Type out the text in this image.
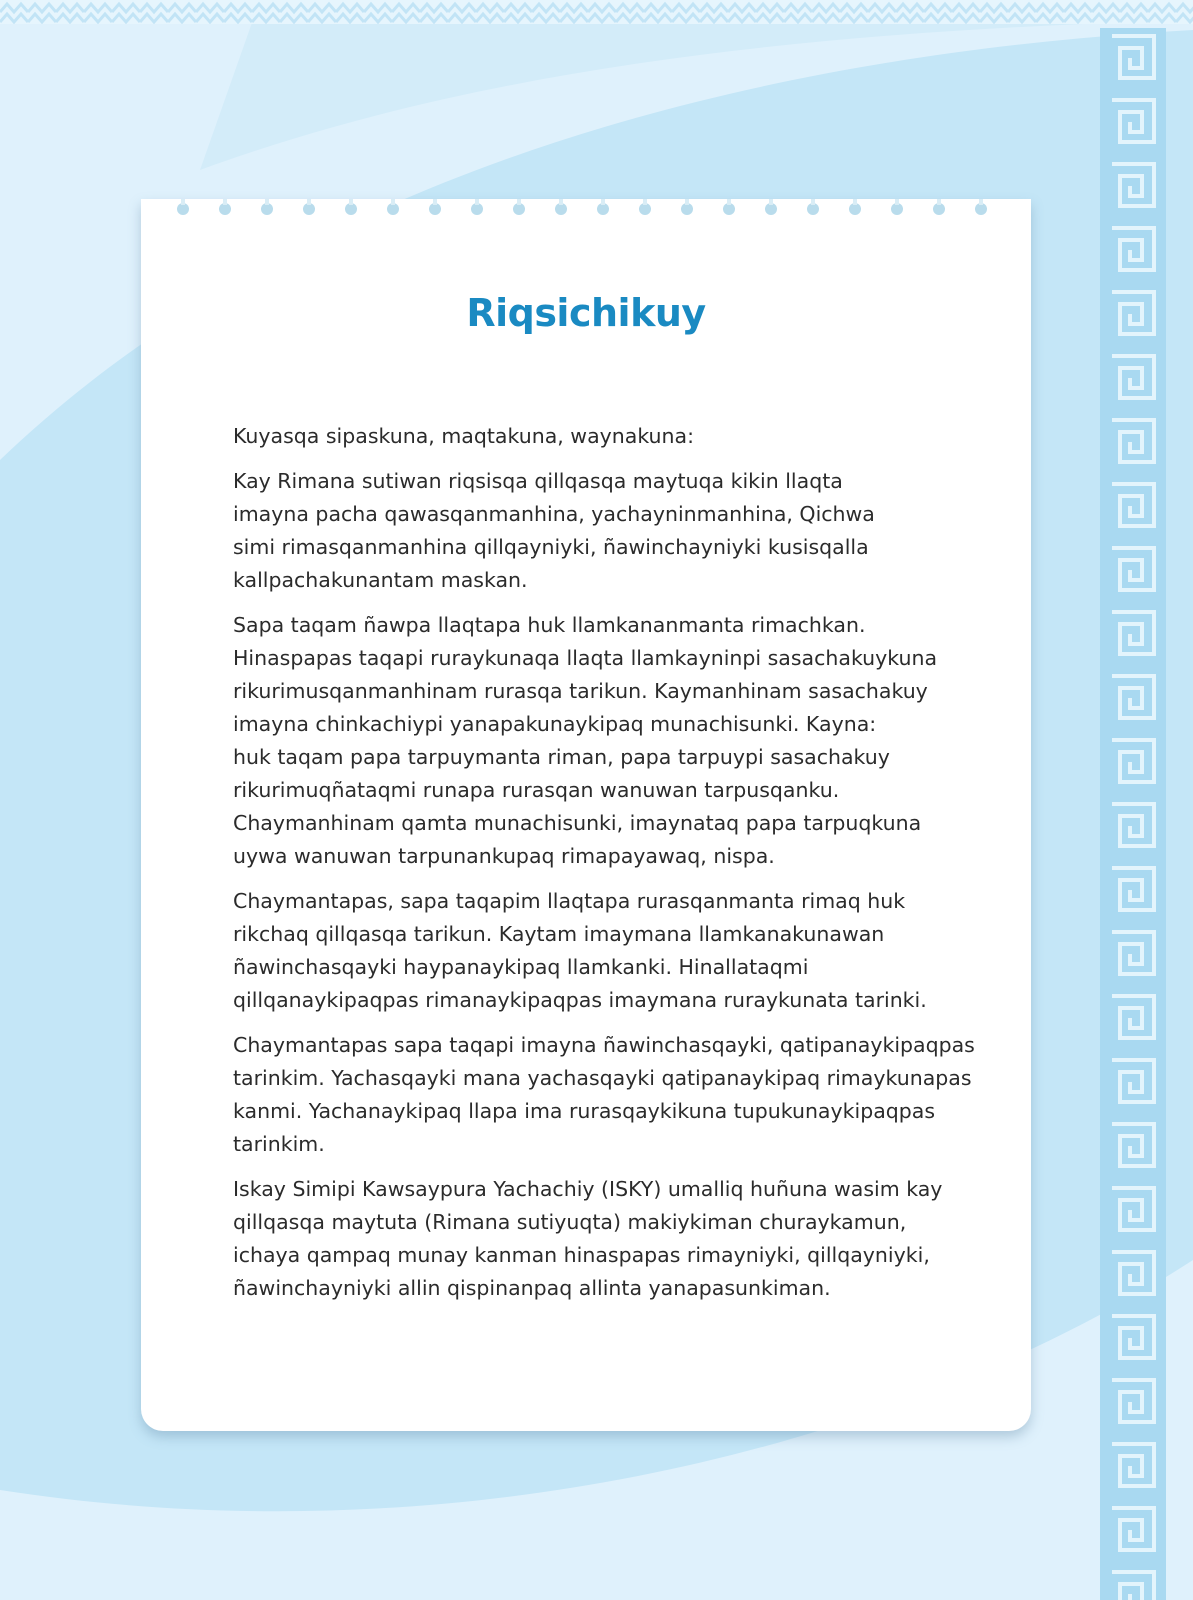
Riqsichikuy

Kuyasqa sipaskuna, maqtakuna, waynakuna:

Kay Rimana sutiwan riqsisqa qillqasqa maytuqa kikin llaqta
imayna pacha qawasqanmanhina, yachayninmanhina, Qichwa
simi rimasqanmanhina qillqayniyki, ñawinchayniyki kusisqalla
kallpachakunantam maskan.

Sapa taqam ñawpa llaqtapa huk llamkananmanta rimachkan.
Hinaspapas taqapi ruraykunaqa llaqta llamkayninpi sasachakuykuna
rikurimusqanmanhinam rurasqa tarikun. Kaymanhinam sasachakuy
imayna chinkachiypi yanapakunaykipaq munachisunki. Kayna:
huk taqam papa tarpuymanta riman, papa tarpuypi sasachakuy
rikurimuqñataqmi runapa rurasqan wanuwan tarpusqanku.
Chaymanhinam qamta munachisunki, imaynataq papa tarpuqkuna
uywa wanuwan tarpunankupaq rimapayawaq, nispa.

Chaymantapas, sapa taqapim llaqtapa rurasqanmanta rimaq huk
rikchaq qillqasqa tarikun. Kaytam imaymana llamkanakunawan
ñawinchasqayki haypanaykipaq llamkanki. Hinallataqmi
qillqanaykipaqpas rimanaykipaqpas imaymana ruraykunata tarinki.

Chaymantapas sapa taqapi imayna ñawinchasqayki, qatipanaykipaqpas
tarinkim. Yachasqayki mana yachasqayki qatipanaykipaq rimaykunapas
kanmi. Yachanaykipaq llapa ima rurasqaykikuna tupukunaykipaqpas
tarinkim.

Iskay Simipi Kawsaypura Yachachiy (ISKY) umalliq huñuna wasim kay
qillqasqa maytuta (Rimana sutiyuqta) makiykiman churaykamun,
ichaya qampaq munay kanman hinaspapas rimayniyki, qillqayniyki,
ñawinchayniyki allin qispinanpaq allinta yanapasunkiman.
